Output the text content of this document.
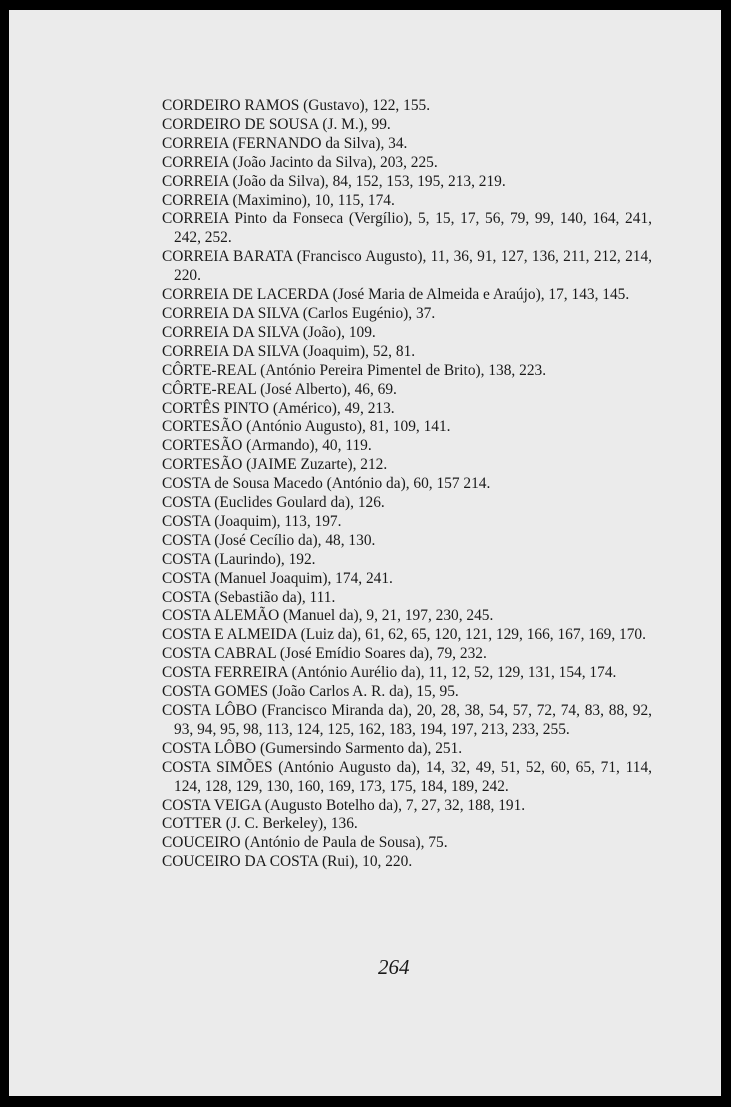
CORDEIRO RAMOS (Gustavo), 122, 155.
CORDEIRO DE SOUSA (J. M.), 99.
CORREIA (FERNANDO da Silva), 34.
CORREIA (João Jacinto da Silva), 203, 225.
CORREIA (João da Silva), 84, 152, 153, 195, 213, 219.
CORREIA (Maximino), 10, 115, 174.
CORREIA Pinto da Fonseca (Vergílio), 5, 15, 17, 56, 79, 99, 140, 164, 241, 242, 252.
CORREIA BARATA (Francisco Augusto), 11, 36, 91, 127, 136, 211, 212, 214, 220.
CORREIA DE LACERDA (José Maria de Almeida e Araújo), 17, 143, 145.
CORREIA DA SILVA (Carlos Eugénio), 37.
CORREIA DA SILVA (João), 109.
CORREIA DA SILVA (Joaquim), 52, 81.
CÔRTE-REAL (António Pereira Pimentel de Brito), 138, 223.
CÔRTE-REAL (José Alberto), 46, 69.
CORTÊS PINTO (Américo), 49, 213.
CORTESÃO (António Augusto), 81, 109, 141.
CORTESÃO (Armando), 40, 119.
CORTESÃO (JAIME Zuzarte), 212.
COSTA de Sousa Macedo (António da), 60, 157 214.
COSTA (Euclides Goulard da), 126.
COSTA (Joaquim), 113, 197.
COSTA (José Cecílio da), 48, 130.
COSTA (Laurindo), 192.
COSTA (Manuel Joaquim), 174, 241.
COSTA (Sebastião da), 111.
COSTA ALEMÃO (Manuel da), 9, 21, 197, 230, 245.
COSTA E ALMEIDA (Luiz da), 61, 62, 65, 120, 121, 129, 166, 167, 169, 170.
COSTA CABRAL (José Emídio Soares da), 79, 232.
COSTA FERREIRA (António Aurélio da), 11, 12, 52, 129, 131, 154, 174.
COSTA GOMES (João Carlos A. R. da), 15, 95.
COSTA LÔBO (Francisco Miranda da), 20, 28, 38, 54, 57, 72, 74, 83, 88, 92, 93, 94, 95, 98, 113, 124, 125, 162, 183, 194, 197, 213, 233, 255.
COSTA LÔBO (Gumersindo Sarmento da), 251.
COSTA SIMÕES (António Augusto da), 14, 32, 49, 51, 52, 60, 65, 71, 114, 124, 128, 129, 130, 160, 169, 173, 175, 184, 189, 242.
COSTA VEIGA (Augusto Botelho da), 7, 27, 32, 188, 191.
COTTER (J. C. Berkeley), 136.
COUCEIRO (António de Paula de Sousa), 75.
COUCEIRO DA COSTA (Rui), 10, 220.
264
